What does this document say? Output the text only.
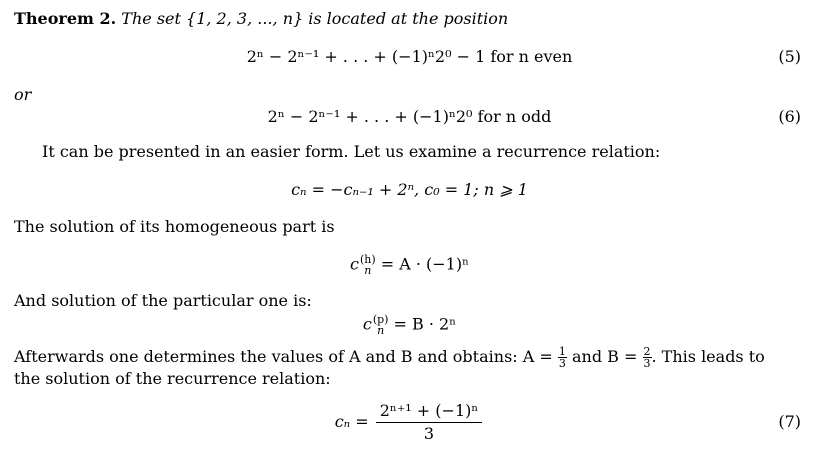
Theorem 2. The set {1, 2, 3, ..., n} is located at the position
2ⁿ − 2ⁿ⁻¹ + . . . + (−1)ⁿ2⁰ − 1 for n even	(5)
or
2ⁿ − 2ⁿ⁻¹ + . . . + (−1)ⁿ2⁰ for n odd	(6)
It can be presented in an easier form. Let us examine a recurrence relation:
cₙ = −cₙ₋₁ + 2ⁿ, c₀ = 1; n ⩾ 1
The solution of its homogeneous part is
c (h)
n = A · (−1)ⁿ
And solution of the particular one is:
c (p)
n = B · 2ⁿ
Afterwards one determines the values of A and B and obtains: $A = \frac{1}{3}$ and $B = \frac{2}{3}$ . This leads to
the solution of the recurrence relation:
$c_n = \frac{\text{2ⁿ⁺¹ + (−1)ⁿ}}{3}$	(7)
